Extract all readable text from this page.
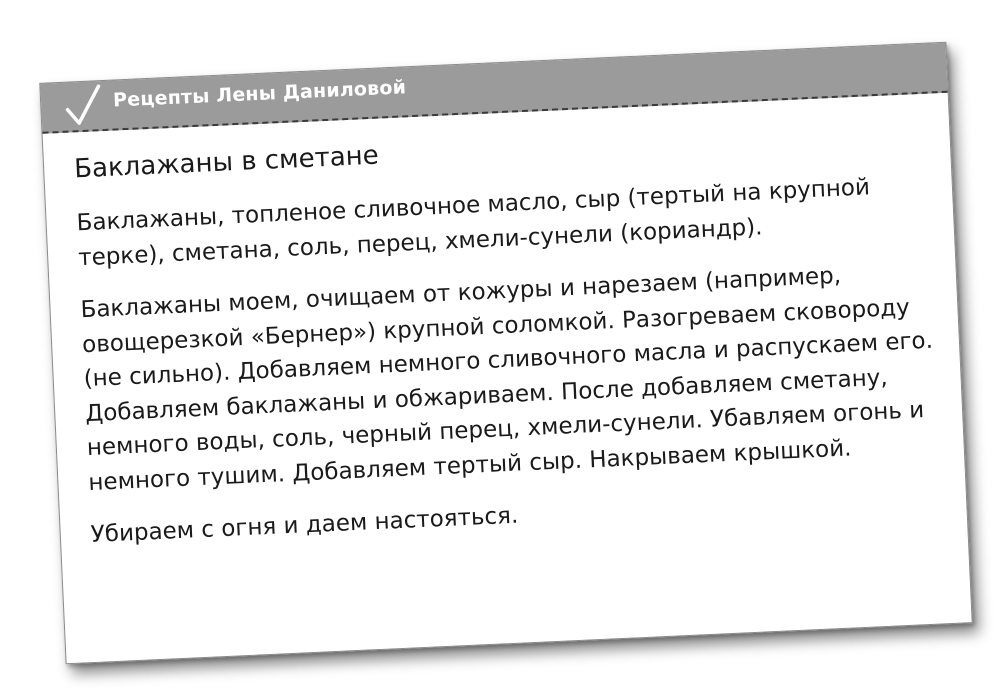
Рецепты Лены Даниловой
Баклажаны в сметане

Баклажаны, топленое сливочное масло, сыр (тертый на крупной терке), сметана, соль, перец, хмели-сунели (кориандр).

Баклажаны моем, очищаем от кожуры и нарезаем (например, овощерезкой «Бернер») крупной соломкой. Разогреваем сковороду (не сильно). Добавляем немного сливочного масла и распускаем его. Добавляем баклажаны и обжариваем. После добавляем сметану, немного воды, соль, черный перец, хмели-сунели. Убавляем огонь и немного тушим. Добавляем тертый сыр. Накрываем крышкой.

Убираем с огня и даем настояться.
